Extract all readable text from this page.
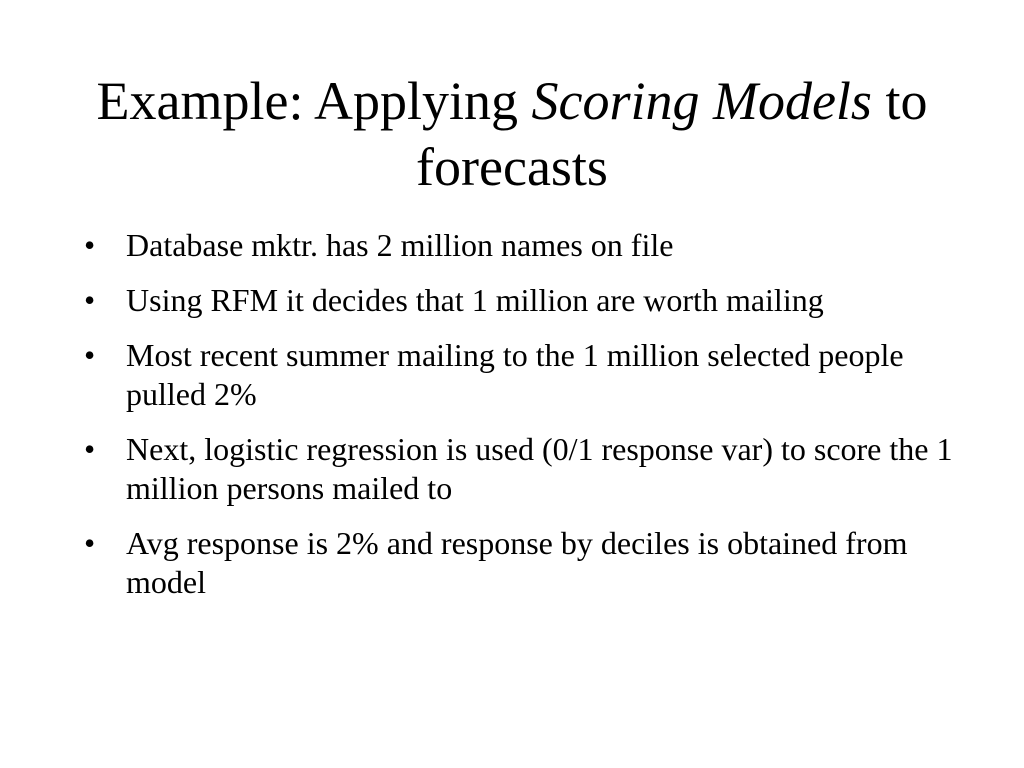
Example: Applying Scoring Models to forecasts
• Database mktr. has 2 million names on file
• Using RFM it decides that 1 million are worth mailing
• Most recent summer mailing to the 1 million selected people pulled 2%
• Next, logistic regression is used (0/1 response var) to score the 1 million persons mailed to
• Avg response is 2% and response by deciles is obtained from model
